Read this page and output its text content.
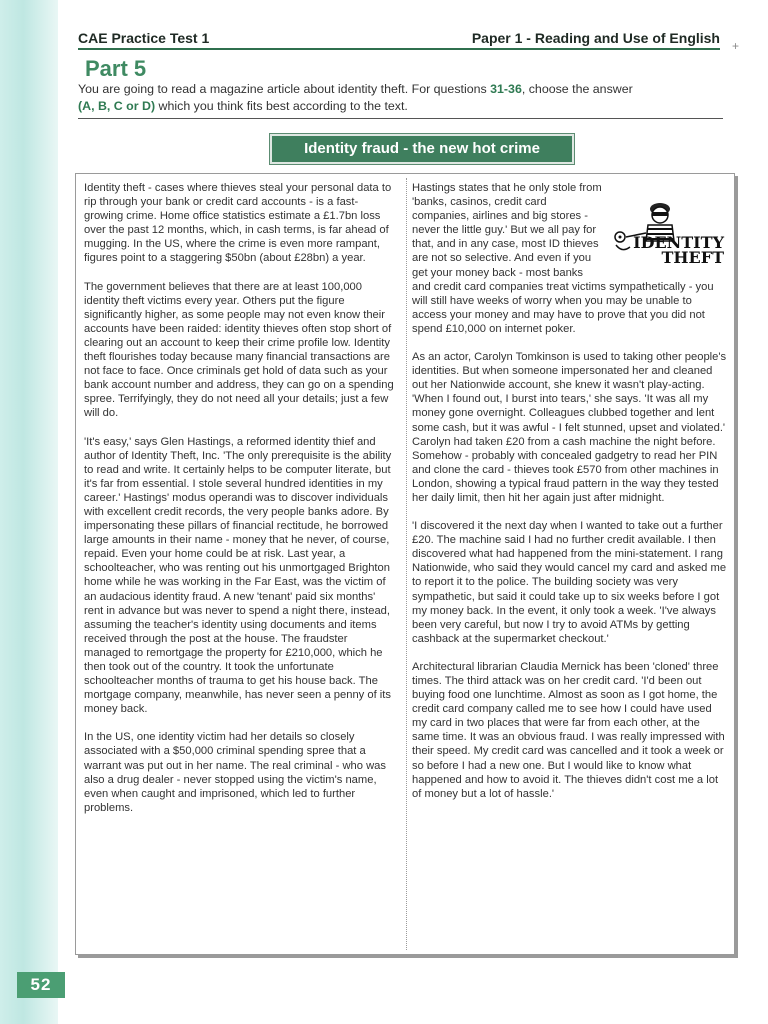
CAE Practice Test 1	Paper 1 - Reading and Use of English +
Part 5
You are going to read a magazine article about identity theft. For questions 31-36, choose the answer
(A, B, C or D) which you think fits best according to the text.
Identity fraud - the new hot crime

Identity theft - cases where thieves steal your personal data to rip through your bank or credit card accounts - is a fast-growing crime. Home office statistics estimate a £1.7bn loss over the past 12 months, which, in cash terms, is far ahead of mugging. In the US, where the crime is even more rampant, figures point to a staggering $50bn (about £28bn) a year.

The government believes that there are at least 100,000 identity theft victims every year. Others put the figure significantly higher, as some people may not even know their accounts have been raided: identity thieves often stop short of clearing out an account to keep their crime profile low. Identity theft flourishes today because many financial transactions are not face to face. Once criminals get hold of data such as your bank account number and address, they can go on a spending spree. Terrifyingly, they do not need all your details; just a few will do.

'It's easy,' says Glen Hastings, a reformed identity thief and author of Identity Theft, Inc. 'The only prerequisite is the ability to read and write. It certainly helps to be computer literate, but it's far from essential. I stole several hundred identities in my career.' Hastings' modus operandi was to discover individuals with excellent credit records, the very people banks adore. By impersonating these pillars of financial rectitude, he borrowed large amounts in their name - money that he never, of course, repaid. Even your home could be at risk. Last year, a schoolteacher, who was renting out his unmortgaged Brighton home while he was working in the Far East, was the victim of an audacious identity fraud. A new 'tenant' paid six months' rent in advance but was never to spend a night there, instead, assuming the teacher's identity using documents and items received through the post at the house. The fraudster managed to remortgage the property for £210,000, which he then took out of the country. It took the unfortunate schoolteacher months of trauma to get his house back. The mortgage company, meanwhile, has never seen a penny of its money back.

In the US, one identity victim had her details so closely associated with a $50,000 criminal spending spree that a warrant was put out in her name. The real criminal - who was also a drug dealer - never stopped using the victim's name, even when caught and imprisoned, which led to further problems.

IDENTITY
THEFT

Hastings states that he only stole from 'banks, casinos, credit card companies, airlines and big stores - never the little guy.' But we all pay for that, and in any case, most ID thieves are not so selective. And even if you get your money back - most banks and credit card companies treat victims sympathetically - you will still have weeks of worry when you may be unable to access your money and may have to prove that you did not spend £10,000 on internet poker.

As an actor, Carolyn Tomkinson is used to taking other people's identities. But when someone impersonated her and cleaned out her Nationwide account, she knew it wasn't play-acting. 'When I found out, I burst into tears,' she says. 'It was all my money gone overnight. Colleagues clubbed together and lent some cash, but it was awful - I felt stunned, upset and violated.' Carolyn had taken £20 from a cash machine the night before. Somehow - probably with concealed gadgetry to read her PIN and clone the card - thieves took £570 from other machines in London, showing a typical fraud pattern in the way they tested her daily limit, then hit her again just after midnight.

'I discovered it the next day when I wanted to take out a further £20. The machine said I had no further credit available. I then discovered what had happened from the mini-statement. I rang Nationwide, who said they would cancel my card and asked me to report it to the police. The building society was very sympathetic, but said it could take up to six weeks before I got my money back. In the event, it only took a week. 'I've always been very careful, but now I try to avoid ATMs by getting cashback at the supermarket checkout.'

Architectural librarian Claudia Mernick has been 'cloned' three times. The third attack was on her credit card. 'I'd been out buying food one lunchtime. Almost as soon as I got home, the credit card company called me to see how I could have used my card in two places that were far from each other, at the same time. It was an obvious fraud. I was really impressed with their speed. My credit card was cancelled and it took a week or so before I had a new one. But I would like to know what happened and how to avoid it. The thieves didn't cost me a lot of money but a lot of hassle.'

52
